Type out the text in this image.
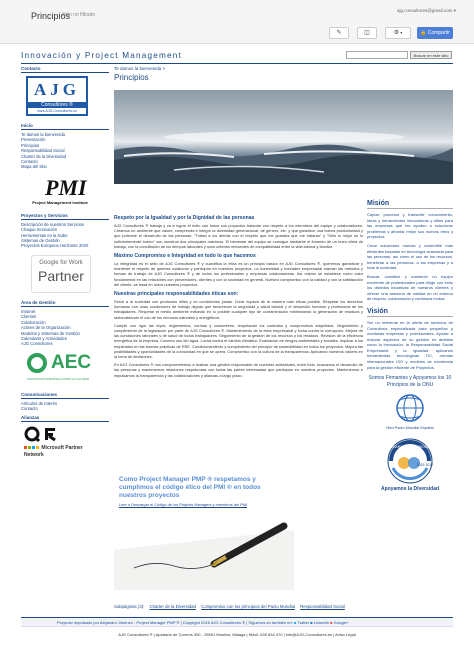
Principios
Sitio no filtrado
ajg.consultores@gmail.com ▾
✎	◫	⚙ ▾	🔒 Compartir
Innovación y Project Management	Buscar en este sitio
Contacto
AJG
Consultores ®
www.AJG-Consultores.es
Inicio
Te damos la bienvenida
Presentación
Principios
Responsabilidad Social
Charter de la Diversidad
Contacto
Mapa del sitio
PMI
Project Management Institute
Proyectos y Servicios
Descripción de nuestros Servicios
Chaque Innovación
Herramientas en la Nube
Sistemas de Gestión
Proyectos Europeos Horizonte 2020
Google for Work
Partner
Área de Gestión
Intranet
Clientes
Colaboración
Actives de la Organización
Modelos y Sistemas de Gestión
Calendario y Actividades
AJG Consultores
AEC
ASOCIACIÓN ESPAÑOLA PARA LA CALIDAD
Comunicaciones
Artículos de Interés
Contacto
Alianzas
Microsoft Partner Network
Te damos la bienvenida >
Principios
Respeto por la Igualdad y por la Dignidad de las personas

AJG Consultores ® trabaja y va a lograr el éxito con todos sus proyectos tratando con respeto a los miembros del equipo y colaboradores. Creamos un ambiente que valore, comprenda e integre la diversidad generacional, de género, etc. y que garantice una buena productividad y que potencie el desarrollo de las personas. "Tratad a los demás con el respeto que me gustaría que me trataran" y "Sélo lo mejor es lo suficientemente bueno" son nuestros dos principales máximos. El bienestar del equipo se consigue mediante el fomento de un buen clima de trabajo, con la conciliación de los tiempos laborales y unos criterios relevantes de compatibilidad entre la vida laboral y familiar.

Máximo Compromiso e Integridad en todo lo que hacemos

La integridad es el sello de AJG Consultores ® y cuantifica la ética es un principio básico en AJG Consultores ®, queremos garantizar y mantener el respeto de quienes colaboran y participan en nuestros proyectos. La honestidad y honradez empresarial marcan las métodos y formas de trabajo de AJG Consultores ® y de todos los profesionales y empresas colaboradoras. Así mismo se establece como valor fundamental en las relaciones con proveedores, clientes y con la sociedad en general. Nuestro compromiso con la calidad y con la satisfacción del cliente, se basa en todos nuestros proyectos.

Nuestras principales responsabilidades éticas son:

Servir a la sociedad con productos útiles y en condiciones justas. Crear riqueza de la manera más eficaz posible. Respetar los derechos humanos con unas condiciones de trabajo dignas que favorezcan la seguridad y salud laboral y el desarrollo humano y profesional de los trabajadores. Respetar el medio ambiente evitando en lo posible cualquier tipo de contaminación minimizando la generación de residuos y racionalizando el uso de los recursos naturales y energéticos.

Cumplir con rigor las leyes, reglamentos, normas y costumbres, respetando los contratos y compromisos adquiridos. Seguimiento y cumplimiento de la legislación por parte de AJG Consultores ®. Mantenimiento de la ética empresarial y lucha contra la corrupción. Mejora de las condiciones laborales y de salud de todos trabajadores. Seguimiento de la gestión de los recursos y los residuos. Revisión de la eficiencia energética de la empresa. Conecto uso del agua. Lucha contra el cambio climático. Evaluación de riesgos ambientales y sociales. Implicar a los empleados en las buenas prácticas de RSE. Condicionamiento y cumplimiento del principio de sostenibilidad en todos los proyectos. Mejora las posibilidades y oportunidades de la comunidad en que se opera. Compromiso con la cultura de la transparencia. Aplicando nuestros valores en la toma de decisiones.

En AJG Consultores ® nos comprometemos a realizar una gestión responsable de nuestras actividades, entre todo, buscamos el desarrollo de las personas y mantenemos relaciones respetuosas con todas las partes interesadas que participan en nuestros proyectos. Mantenemos e impulsamos la transparencia y las colaboraciones y alianzas a largo plazo.

Como Project Manager PMP ® respetamos y cumplimos el código ético del PMI ® en todos nuestros proyectos
Leer o Descargar el Código de los Projects Managers y miembros del PMI
Misión

Captar, procesar y transmitir conocimiento, ideas y herramientas innovadoras y útiles para las empresas que les ayuden a solucionar problemas y afrontar mejor sus nuevos retos y proyectos.

Crear soluciones nuevas y sostenible más eficientes basadas en tecnología avanzada para las personas, así como el uso de los recursos, beneficiar a las personas, a las empresas y a toda la sociedad.

Buscar, constituir y mantener un equipo excelente de profesionales para dirigir con éxito los distintos iniciativas de nuestros clientes y ofrecer una asesoría de calidad en un entorno de respeto, colaboración y confianza mutua.

Visión

Ser un referente en la oferta de servicios de Consultoría especializada para pequeñas y medianas empresas y profesionales. Ayudar a mejorar aspectos de su gestión en ámbitos como la Innovación, la Responsabilidad Social Empresarial y la igualdad, aplicando herramientas tecnológicas TIC, normas internacionales ISO y modelos de excelencia para la gestión eficiente de Proyectos.

Somos Firmantes y Apoyamos los 10 Principios de la ONU
Red Pacto Mundial España
CHARTER DIVERSIDAD
2015 2017
Apoyamos la Diversidad
Subpáginas (3): Charter de la Diversidad Compromiso con los principios del Pacto Mundial Responsabilidad Social
Proyecto impulsado por Alejandro Jiménez - Project Manager PMP ® | Copyright 2016 AJG Consultores ® | Síguenos en también en: ■ Twitter ■ LinkedIn ■ Google+
AJG Consultores ® | Apartado de Correos 300 - 29691 Manilva, Málaga | Móvil: 639 834 470 | info@AJG-Consultores.es | Aviso Legal
